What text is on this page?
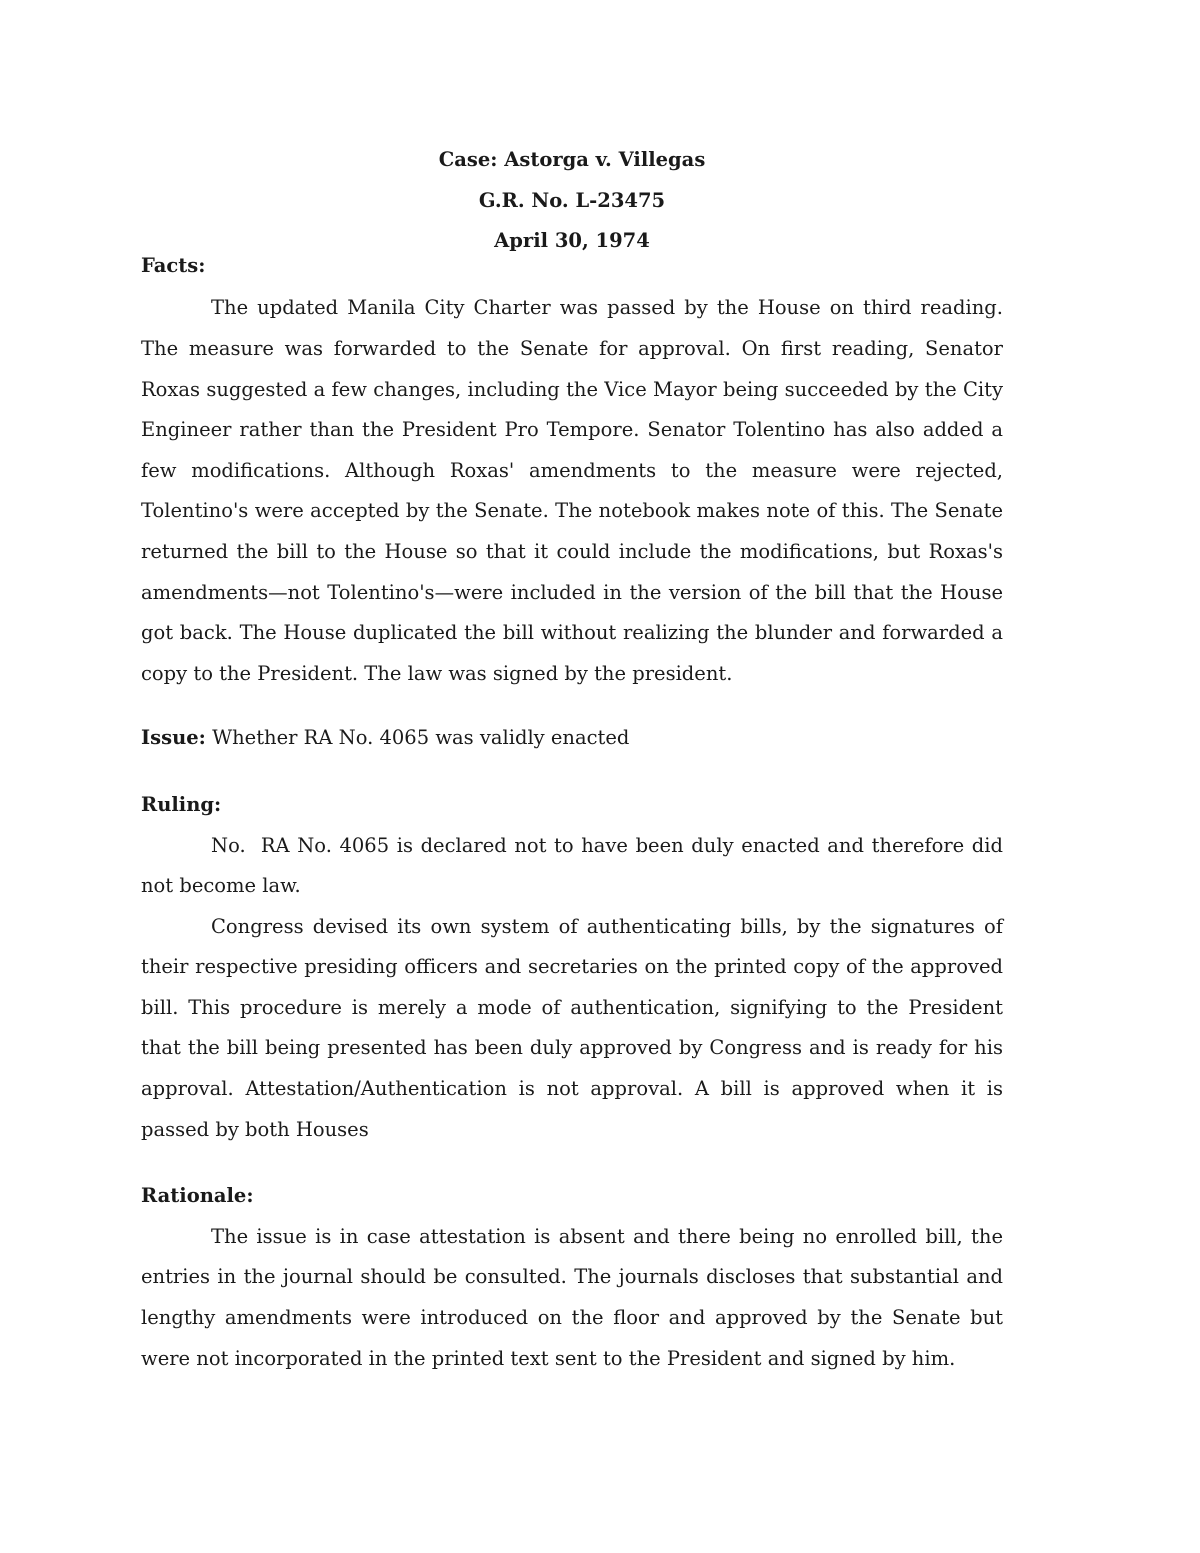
Case: Astorga v. Villegas
G.R. No. L-23475
April 30, 1974

Facts:

The updated Manila City Charter was passed by the House on third reading. The measure was forwarded to the Senate for approval. On first reading, Senator Roxas suggested a few changes, including the Vice Mayor being succeeded by the City Engineer rather than the President Pro Tempore. Senator Tolentino has also added a few modifications. Although Roxas' amendments to the measure were rejected, Tolentino's were accepted by the Senate. The notebook makes note of this. The Senate returned the bill to the House so that it could include the modifications, but Roxas's amendments—not Tolentino's—were included in the version of the bill that the House got back. The House duplicated the bill without realizing the blunder and forwarded a copy to the President. The law was signed by the president.

Issue: Whether RA No. 4065 was validly enacted

Ruling:

No.  RA No. 4065 is declared not to have been duly enacted and therefore did not become law.

Congress devised its own system of authenticating bills, by the signatures of their respective presiding officers and secretaries on the printed copy of the approved bill. This procedure is merely a mode of authentication, signifying to the President that the bill being presented has been duly approved by Congress and is ready for his approval. Attestation/Authentication is not approval. A bill is approved when it is passed by both Houses

Rationale:

The issue is in case attestation is absent and there being no enrolled bill, the entries in the journal should be consulted. The journals discloses that substantial and lengthy amendments were introduced on the floor and approved by the Senate but were not incorporated in the printed text sent to the President and signed by him.
